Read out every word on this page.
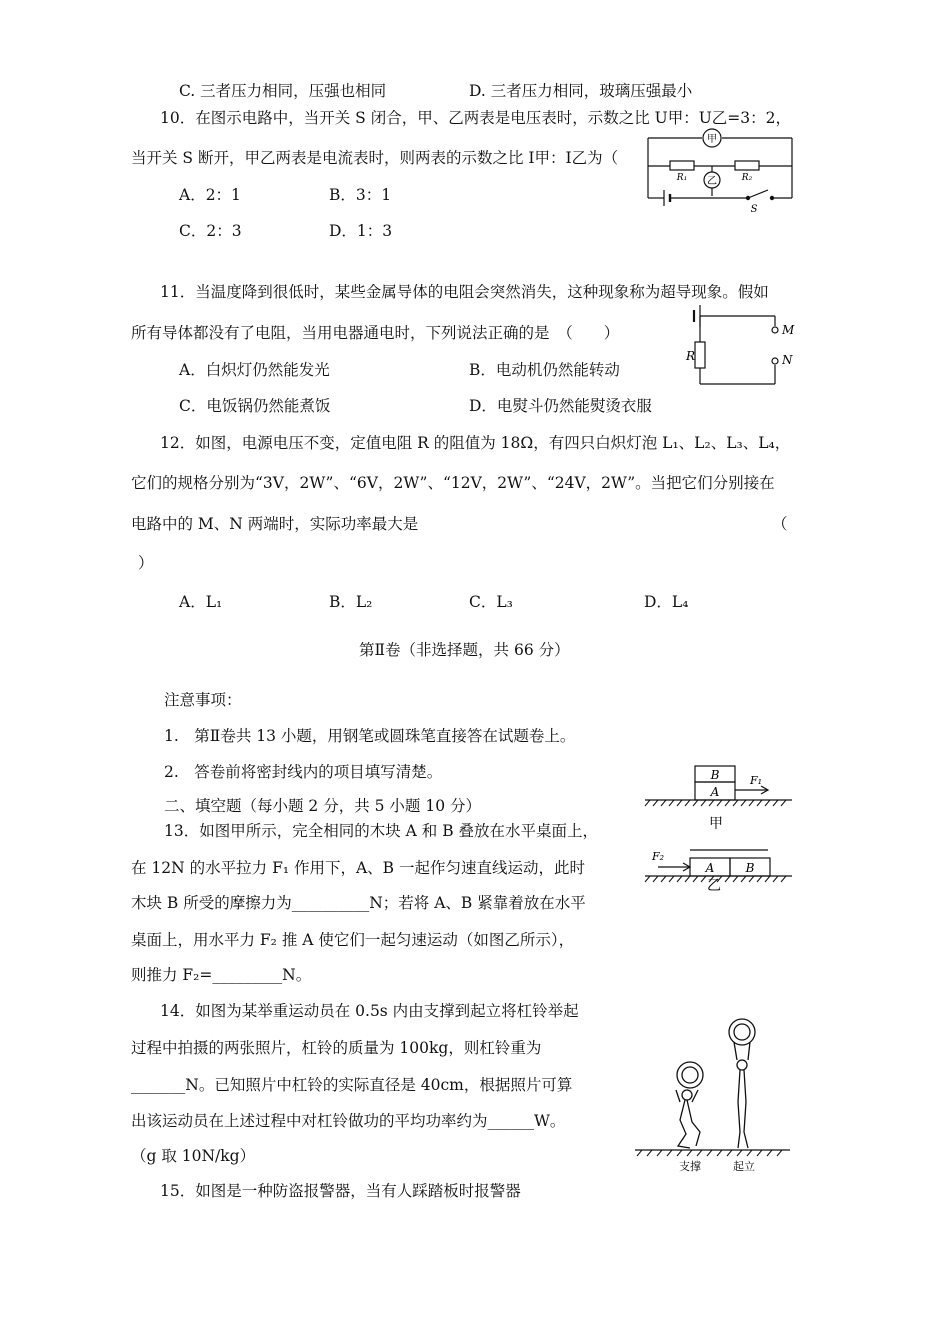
C. 三者压力相同，压强也相同	D. 三者压力相同，玻璃压强最小
10．在图示电路中，当开关 S 闭合，甲、乙两表是电压表时，示数之比 U甲：U乙=3：2，
当开关 S 断开，甲乙两表是电流表时，则两表的示数之比 I甲：I乙为（
A．2：1	B．3：1
C．2：3	D．1：3
甲
乙
R₁	R₂
S
11．当温度降到很低时，某些金属导体的电阻会突然消失，这种现象称为超导现象。假如
所有导体都没有了电阻，当用电器通电时，下列说法正确的是　（　　）
A．白炽灯仍然能发光	B．电动机仍然能转动
C．电饭锅仍然能煮饭	D．电熨斗仍然能熨烫衣服
R
M
N
12．如图，电源电压不变，定值电阻 R 的阻值为 18Ω，有四只白炽灯泡 L₁、L₂、L₃、L₄，
它们的规格分别为“3V，2W”、“6V，2W”、“12V，2W”、“24V，2W”。当把它们分别接在
电路中的 M、N 两端时，实际功率最大是	（
）
A．L₁	B．L₂	C．L₃	D．L₄
第Ⅱ卷（非选择题，共 66 分）
注意事项：
1.　第Ⅱ卷共 13 小题，用钢笔或圆珠笔直接答在试题卷上。
2.　答卷前将密封线内的项目填写清楚。
二、填空题（每小题 2 分，共 5 小题 10 分）
13．如图甲所示，完全相同的木块 A 和 B 叠放在水平桌面上，
在 12N 的水平拉力 F₁ 作用下，A、B 一起作匀速直线运动，此时
木块 B 所受的摩擦力为__________N；若将 A、B 紧靠着放在水平
桌面上，用水平力 F₂ 推 A 使它们一起匀速运动（如图乙所示），
则推力 F₂=_________N。
B
A
F₁
甲
F₂
A	B
乙
14．如图为某举重运动员在 0.5s 内由支撑到起立将杠铃举起
过程中拍摄的两张照片，杠铃的质量为 100kg，则杠铃重为
_______N。已知照片中杠铃的实际直径是 40cm，根据照片可算
出该运动员在上述过程中对杠铃做功的平均功率约为______W。
（g 取 10N/kg）
支撑	起立
15．如图是一种防盗报警器，当有人踩踏板时报警器
